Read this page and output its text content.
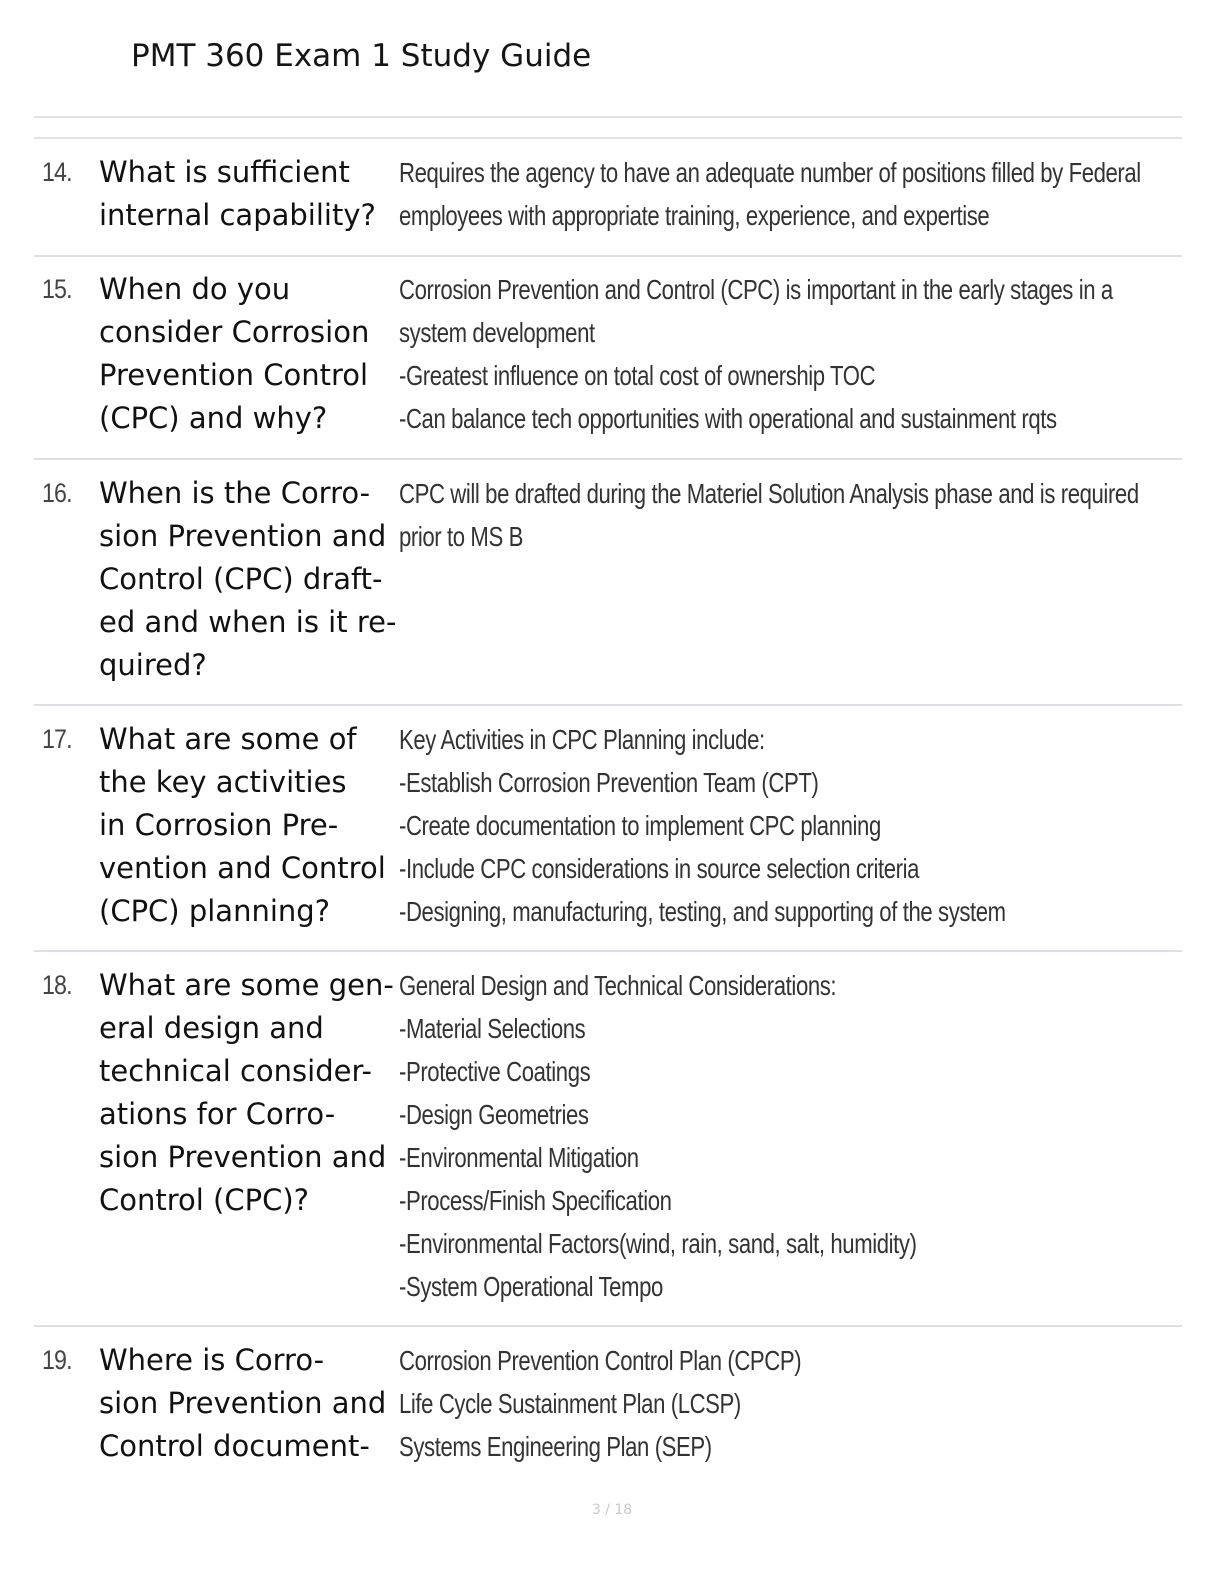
PMT 360 Exam 1 Study Guide
14. What is sufficient
internal capability?
Requires the agency to have an adequate number of positions filled by Federal
employees with appropriate training, experience, and expertise
15. When do you
consider Corrosion
Prevention Control
(CPC) and why?
Corrosion Prevention and Control (CPC) is important in the early stages in a
system development
-Greatest influence on total cost of ownership TOC
-Can balance tech opportunities with operational and sustainment rqts
16. When is the Corro-
sion Prevention and
Control (CPC) draft-
ed and when is it re-
quired?
CPC will be drafted during the Materiel Solution Analysis phase and is required
prior to MS B
17. What are some of
the key activities
in Corrosion Pre-
vention and Control
(CPC) planning?
Key Activities in CPC Planning include:
-Establish Corrosion Prevention Team (CPT)
-Create documentation to implement CPC planning
-Include CPC considerations in source selection criteria
-Designing, manufacturing, testing, and supporting of the system
18. What are some gen-
eral design and
technical consider-
ations for Corro-
sion Prevention and
Control (CPC)?
General Design and Technical Considerations:
-Material Selections
-Protective Coatings
-Design Geometries
-Environmental Mitigation
-Process/Finish Specification
-Environmental Factors(wind, rain, sand, salt, humidity)
-System Operational Tempo
19. Where is Corro-
sion Prevention and
Control document-
Corrosion Prevention Control Plan (CPCP)
Life Cycle Sustainment Plan (LCSP)
Systems Engineering Plan (SEP)
3 / 18
